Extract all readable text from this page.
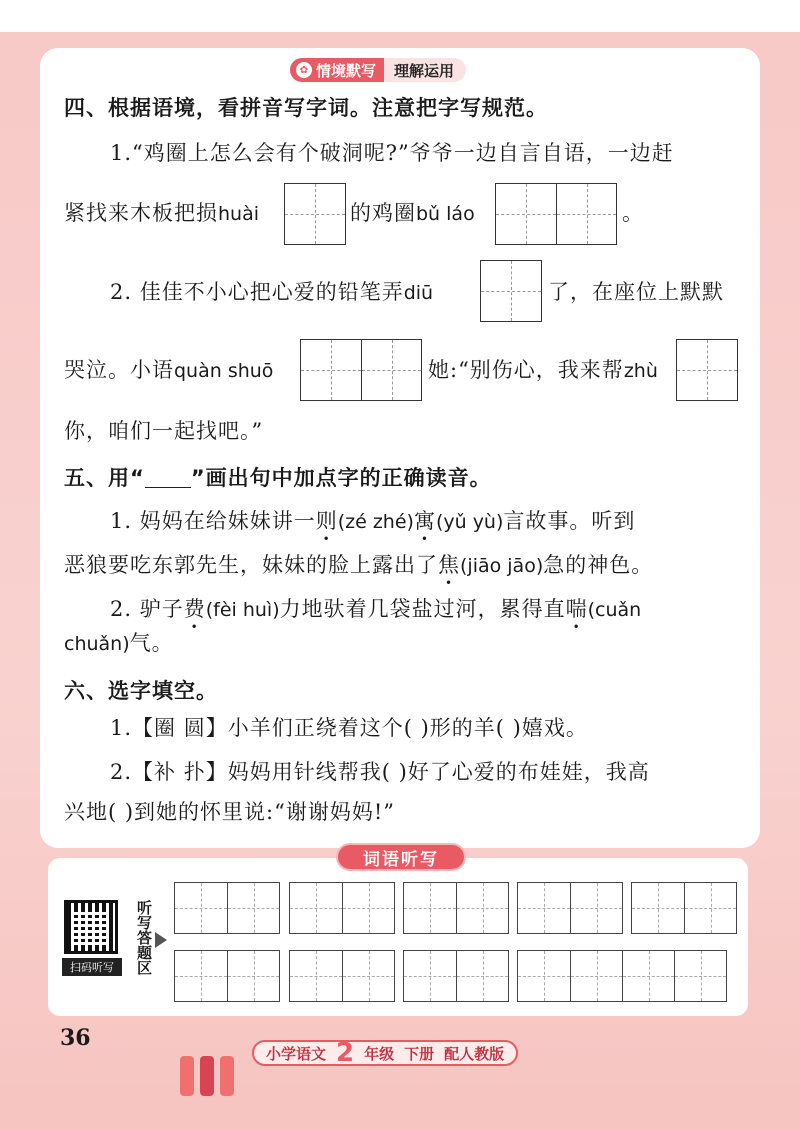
✿ 情境默写	理解运用
四、根据语境，看拼音写字词。注意把字写规范。
1.“鸡圈上怎么会有个破洞呢?”爷爷一边自言自语，一边赶
紧找来木板把损huài	的鸡圈bǔ láo	。
2. 佳佳不小心把心爱的铅笔弄diū	了，在座位上默默
哭泣。小语quàn shuō	她:“别伤心，我来帮zhù
你，咱们一起找吧。”
五、用“ ”画出句中加点字的正确读音。
1. 妈妈在给妹妹讲一则(zé zhé)寓(yǔ yù)言故事。听到
恶狼要吃东郭先生，妹妹的脸上露出了焦(jiāo jāo)急的神色。
2. 驴子费(fèi huì)力地驮着几袋盐过河，累得直喘(cuǎn
chuǎn)气。
六、选字填空。
1.【圈 圆】小羊们正绕着这个( )形的羊( )嬉戏。
2.【补 扑】妈妈用针线帮我( )好了心爱的布娃娃，我高
兴地( )到她的怀里说:“谢谢妈妈!”
词语听写
扫码听写	听写答题区
36
小学语文 2 年级 下册 配人教版
